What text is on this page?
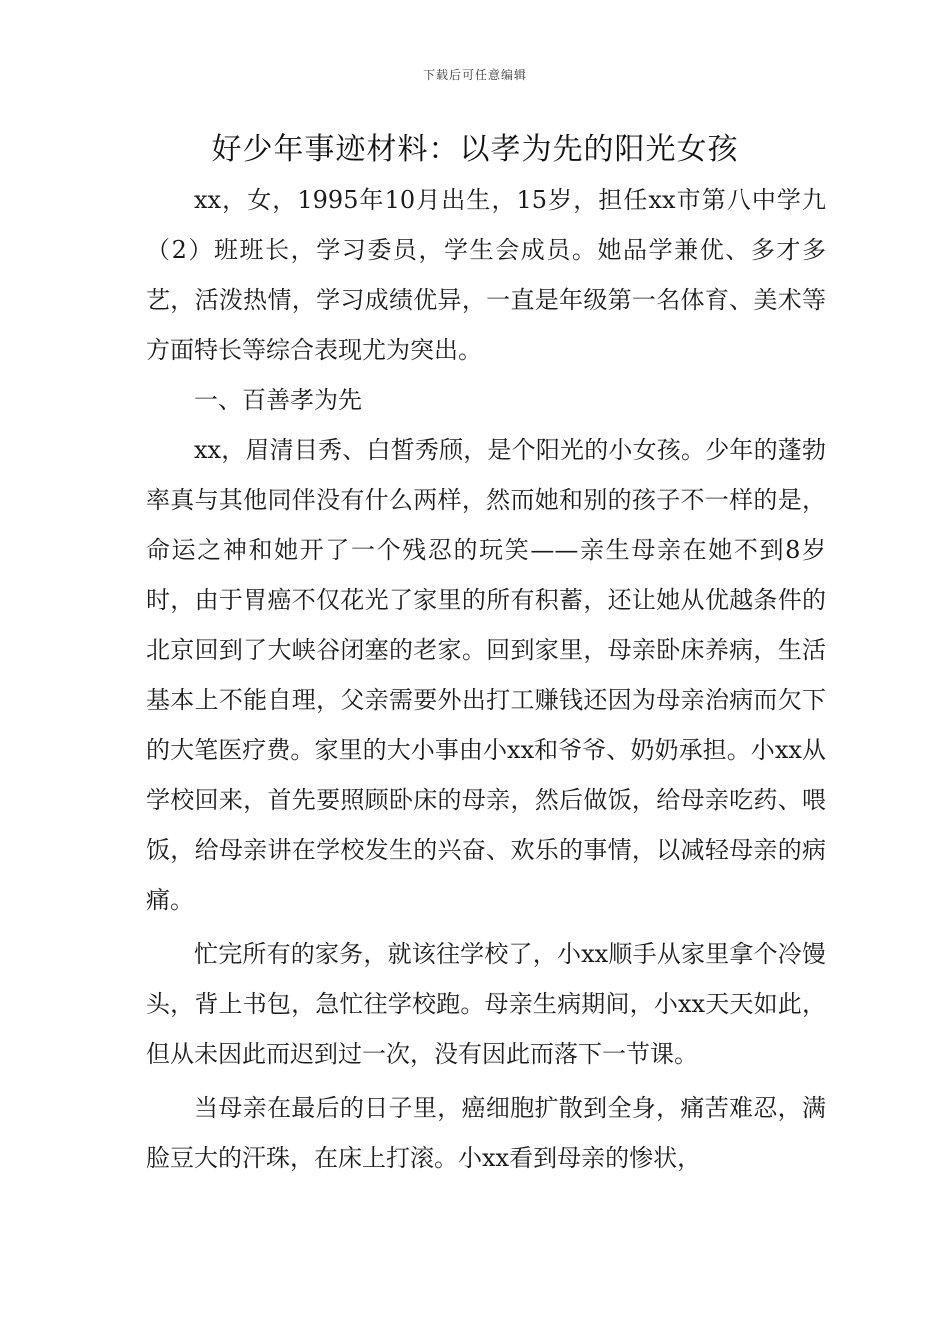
下载后可任意编辑
好少年事迹材料：以孝为先的阳光女孩

xx，女，1995年10月出生，15岁，担任xx市第八中学九（2）班班长，学习委员，学生会成员。她品学兼优、多才多艺，活泼热情，学习成绩优异，一直是年级第一名体育、美术等方面特长等综合表现尤为突出。

一、百善孝为先

xx，眉清目秀、白皙秀颀，是个阳光的小女孩。少年的蓬勃率真与其他同伴没有什么两样，然而她和别的孩子不一样的是，命运之神和她开了一个残忍的玩笑——亲生母亲在她不到8岁时，由于胃癌不仅花光了家里的所有积蓄，还让她从优越条件的北京回到了大峡谷闭塞的老家。回到家里，母亲卧床养病，生活基本上不能自理，父亲需要外出打工赚钱还因为母亲治病而欠下的大笔医疗费。家里的大小事由小xx和爷爷、奶奶承担。小xx从学校回来，首先要照顾卧床的母亲，然后做饭，给母亲吃药、喂饭，给母亲讲在学校发生的兴奋、欢乐的事情，以减轻母亲的病痛。

忙完所有的家务，就该往学校了，小xx顺手从家里拿个冷馒头，背上书包，急忙往学校跑。母亲生病期间，小xx天天如此，但从未因此而迟到过一次，没有因此而落下一节课。

当母亲在最后的日子里，癌细胞扩散到全身，痛苦难忍，满脸豆大的汗珠，在床上打滚。小xx看到母亲的惨状，
